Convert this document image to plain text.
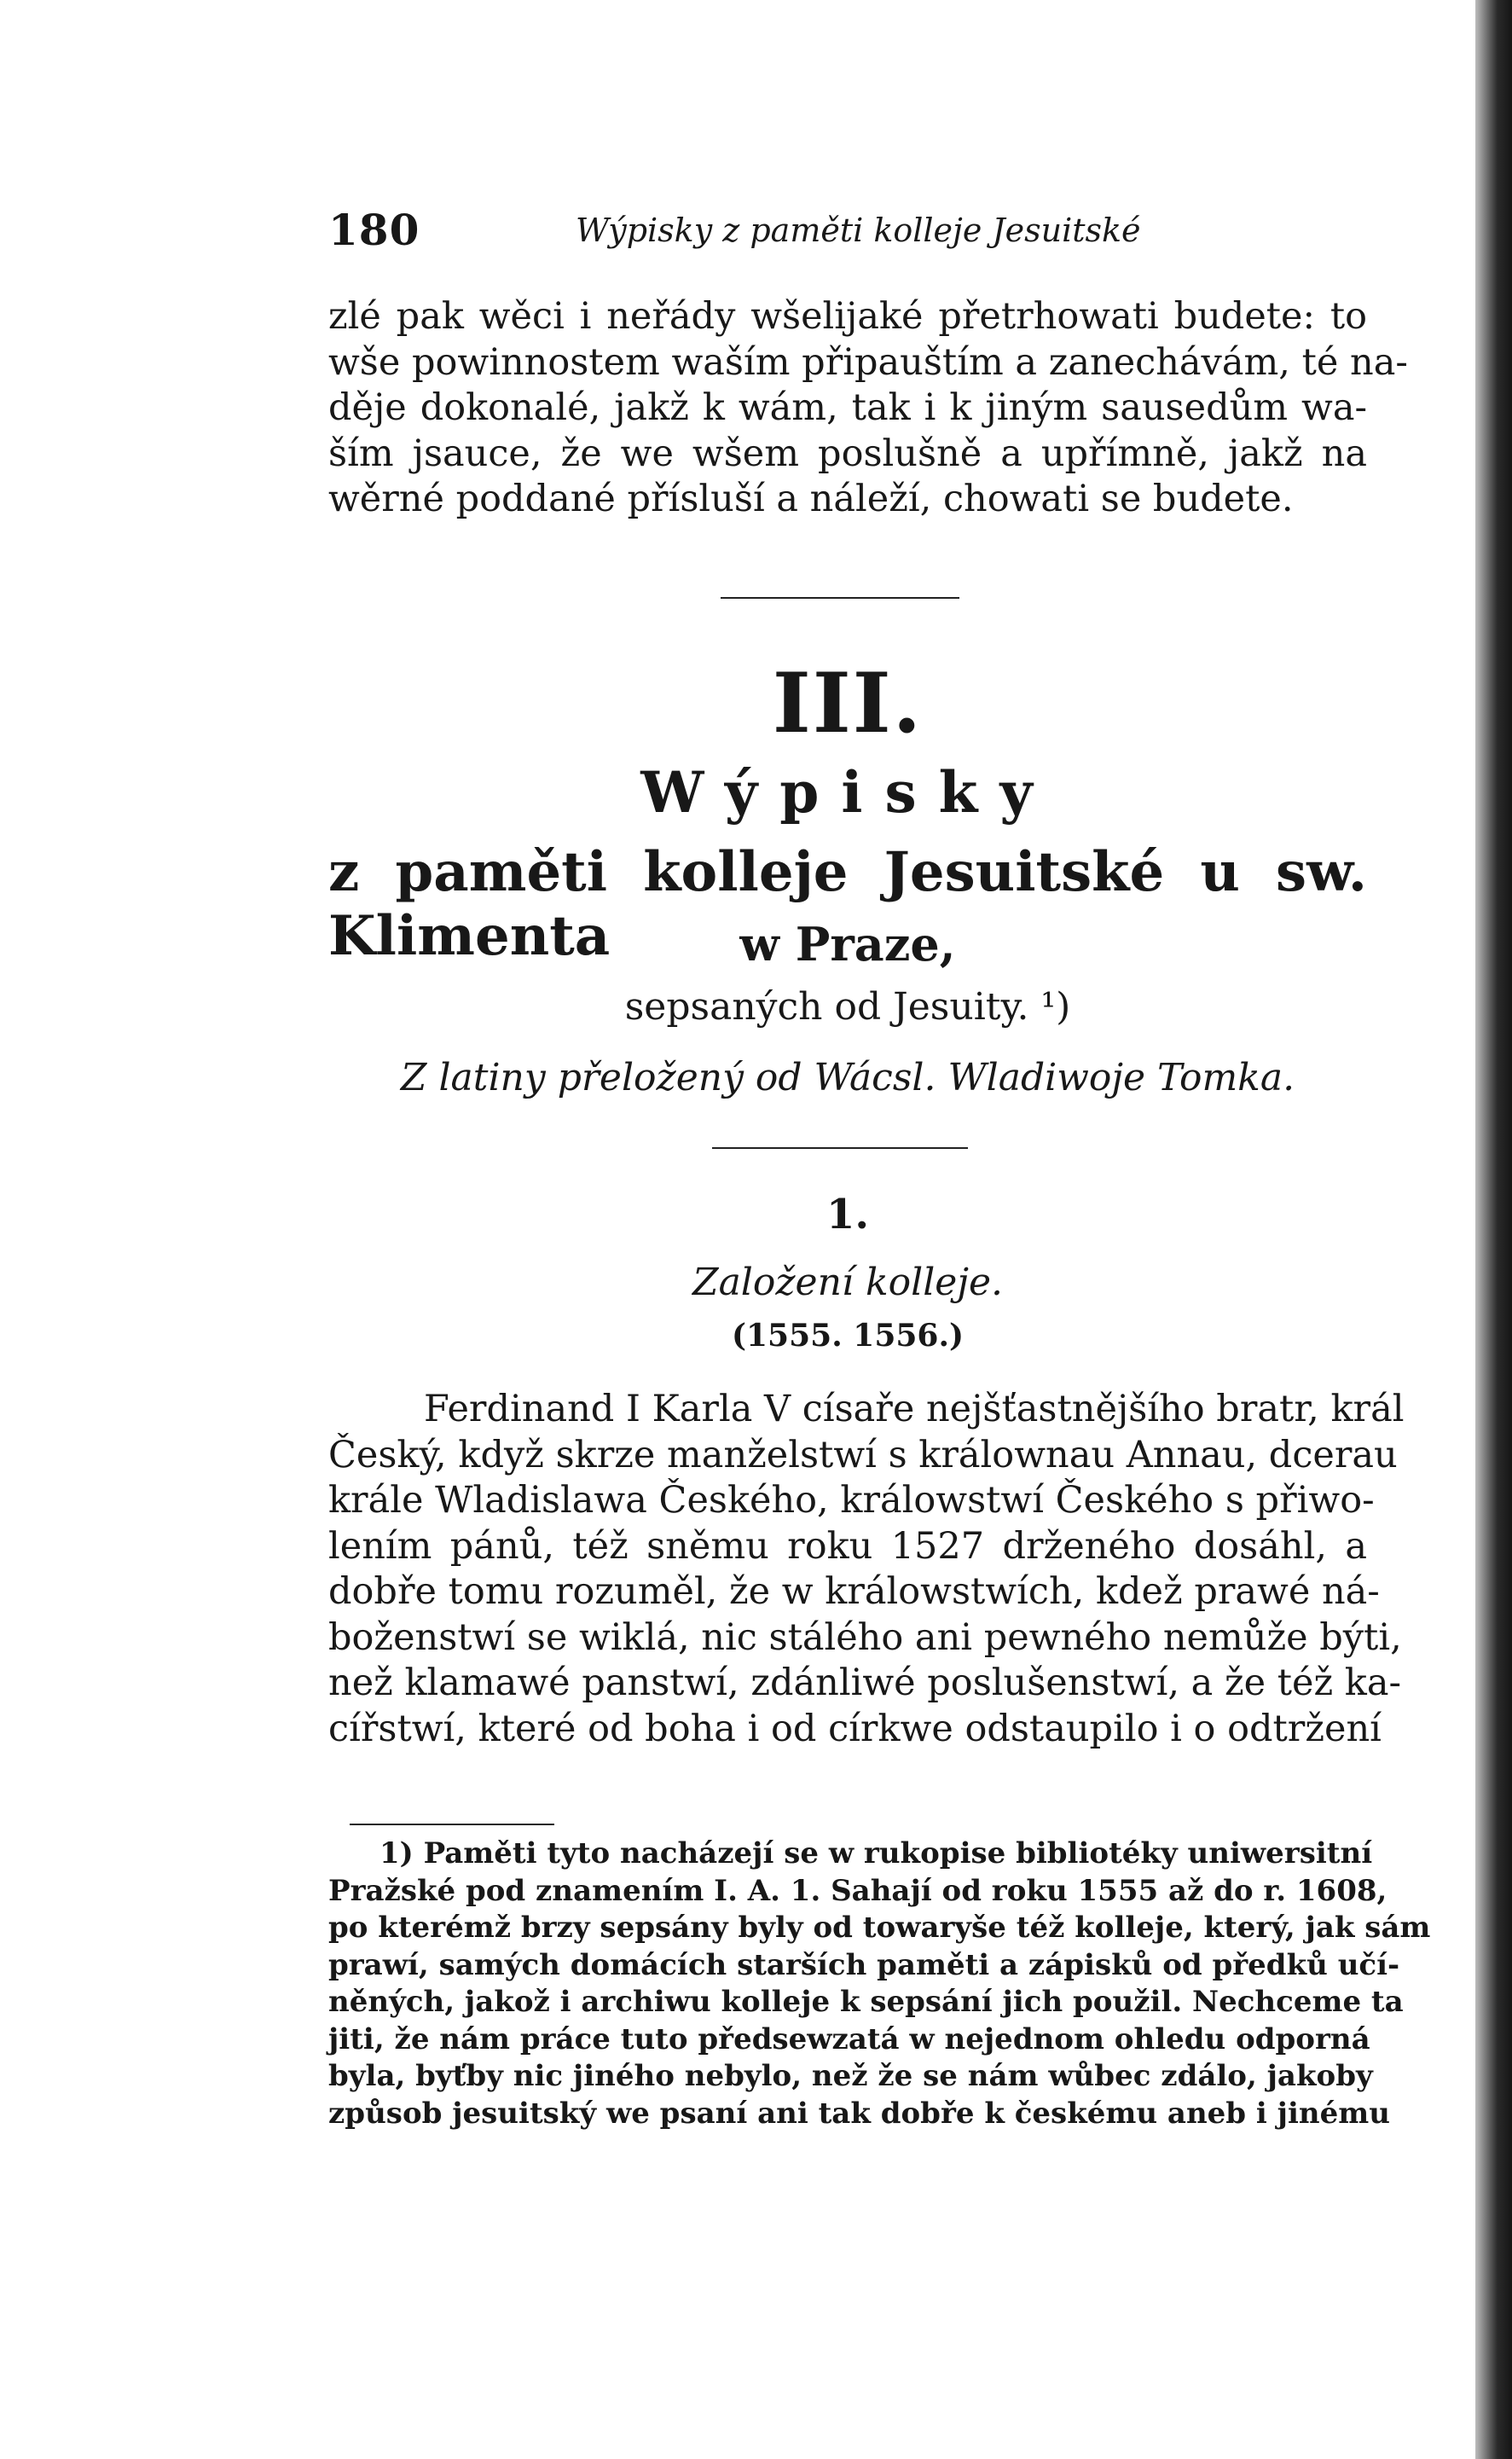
180	Wýpisky z paměti kolleje Jesuitské
zlé pak wěci i neřády wšelijaké přetrhowati budete: to
wše powinnostem waším připauštím a zanechávám, té na-
děje dokonalé, jakž k wám, tak i k jiným sausedům wa-
ším jsauce, že we wšem poslušně a upřímně, jakž na
wěrné poddané přísluší a náleží, chowati se budete.
III.
Wýpisky
z paměti kolleje Jesuitské u sw. Klimenta	w Praze,
sepsaných od Jesuity. ¹)
Z latiny přeložený od Wácsl. Wladiwoje Tomka.
1.
Založení kolleje.
(1555. 1556.)
Ferdinand I Karla V císaře nejšťastnějšího bratr, král
Český, když skrze manželstwí s králownau Annau, dcerau
krále Wladislawa Českého, králowstwí Českého s přiwo-
lením pánů, též sněmu roku 1527 drženého dosáhl, a
dobře tomu rozuměl, že w králowstwích, kdež prawé ná-
boženstwí se wiklá, nic stálého ani pewného nemůže býti,
než klamawé panstwí, zdánliwé poslušenstwí, a že též ka-
cířstwí, které od boha i od církwe odstaupilo i o odtržení
1) Paměti tyto nacházejí se w rukopise bibliotéky uniwersitní
Pražské pod znamením I. A. 1. Sahají od roku 1555 až do r. 1608,
po kterémž brzy sepsány byly od towaryše též kolleje, který, jak sám
prawí, samých domácích starších paměti a zápisků od předků učí-
něných, jakož i archiwu kolleje k sepsání jich použil. Nechceme ta
jiti, že nám práce tuto předsewzatá w nejednom ohledu odporná
byla, byťby nic jiného nebylo, než že se nám wůbec zdálo, jakoby
způsob jesuitský we psaní ani tak dobře k českému aneb i jinému
